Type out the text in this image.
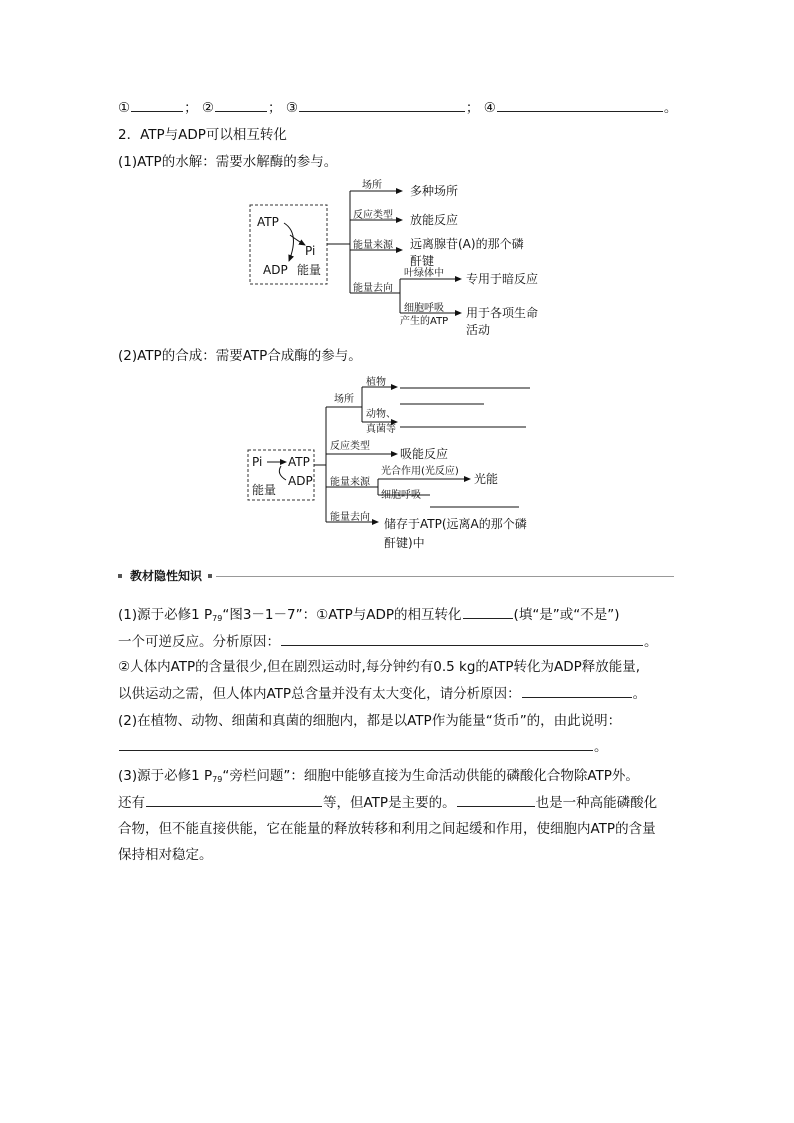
①	； ②	； ③	； ④	。
2．ATP与ADP可以相互转化
(1)ATP的水解：需要水解酶的参与。
ATP
Pi
ADP 能量
场所
反应类型
能量来源
能量去向
叶绿体中
细胞呼吸
产生的ATP
多种场所
放能反应
远离腺苷(A)的那个磷
酐键
专用于暗反应
用于各项生命
活动
(2)ATP的合成：需要ATP合成酶的参与。
Pi ATP
ADP
能量
场所
植物
动物、
真菌等
反应类型
能量来源
光合作用(光反应)
细胞呼吸
能量去向
吸能反应
光能
储存于ATP(远离A的那个磷
酐键)中
教材隐性知识
(1)源于必修1 $P_{79}“$图3－1－7”：①ATP与ADP的相互转化	(填“是”或“不是”)
一个可逆反应。分析原因：	。
②人体内ATP的含量很少,但在剧烈运动时,每分钟约有0.5 kg的ATP转化为ADP释放能量,
以供运动之需，但人体内ATP总含量并没有太大变化，请分析原因：	。
(2)在植物、动物、细菌和真菌的细胞内，都是以ATP作为能量“货币”的，由此说明：
。
(3)源于必修1 $P_{79}“$旁栏问题”：细胞中能够直接为生命活动供能的磷酸化合物除ATP外。
还有	等，但ATP是主要的。	也是一种高能磷酸化
合物，但不能直接供能，它在能量的释放转移和利用之间起缓和作用，使细胞内ATP的含量
保持相对稳定。
